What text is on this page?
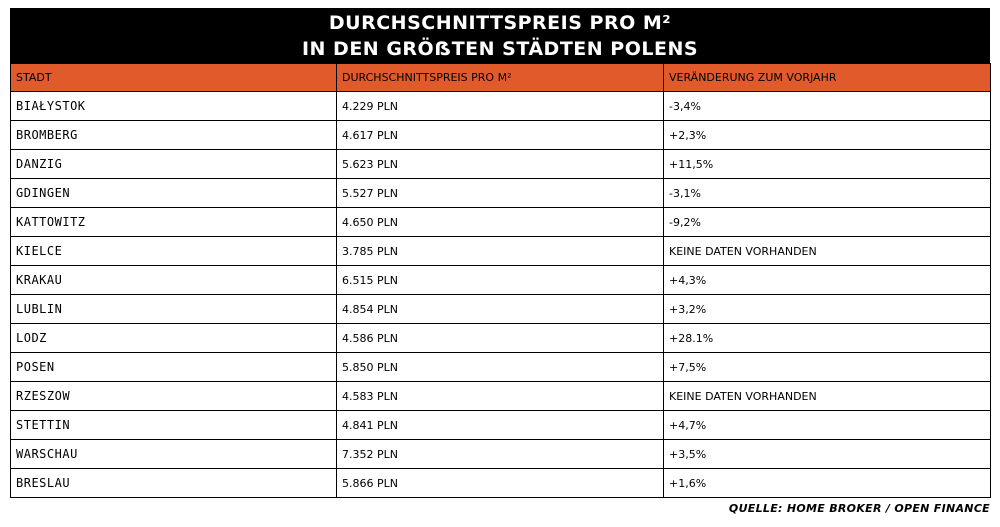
DURCHSCHNITTSPREIS PRO M²
IN DEN GRÖẞTEN STÄDTEN POLENS
STADT	DURCHSCHNITTSPREIS PRO M²	VERÄNDERUNG ZUM VORJAHR
BIAŁYSTOK	4.229 PLN	-3,4%
BROMBERG	4.617 PLN	+2,3%
DANZIG	5.623 PLN	+11,5%
GDINGEN	5.527 PLN	-3,1%
KATTOWITZ	4.650 PLN	-9,2%
KIELCE	3.785 PLN	KEINE DATEN VORHANDEN
KRAKAU	6.515 PLN	+4,3%
LUBLIN	4.854 PLN	+3,2%
LODZ	4.586 PLN	+28.1%
POSEN	5.850 PLN	+7,5%
RZESZOW	4.583 PLN	KEINE DATEN VORHANDEN
STETTIN	4.841 PLN	+4,7%
WARSCHAU	7.352 PLN	+3,5%
BRESLAU	5.866 PLN	+1,6%
QUELLE: HOME BROKER / OPEN FINANCE
